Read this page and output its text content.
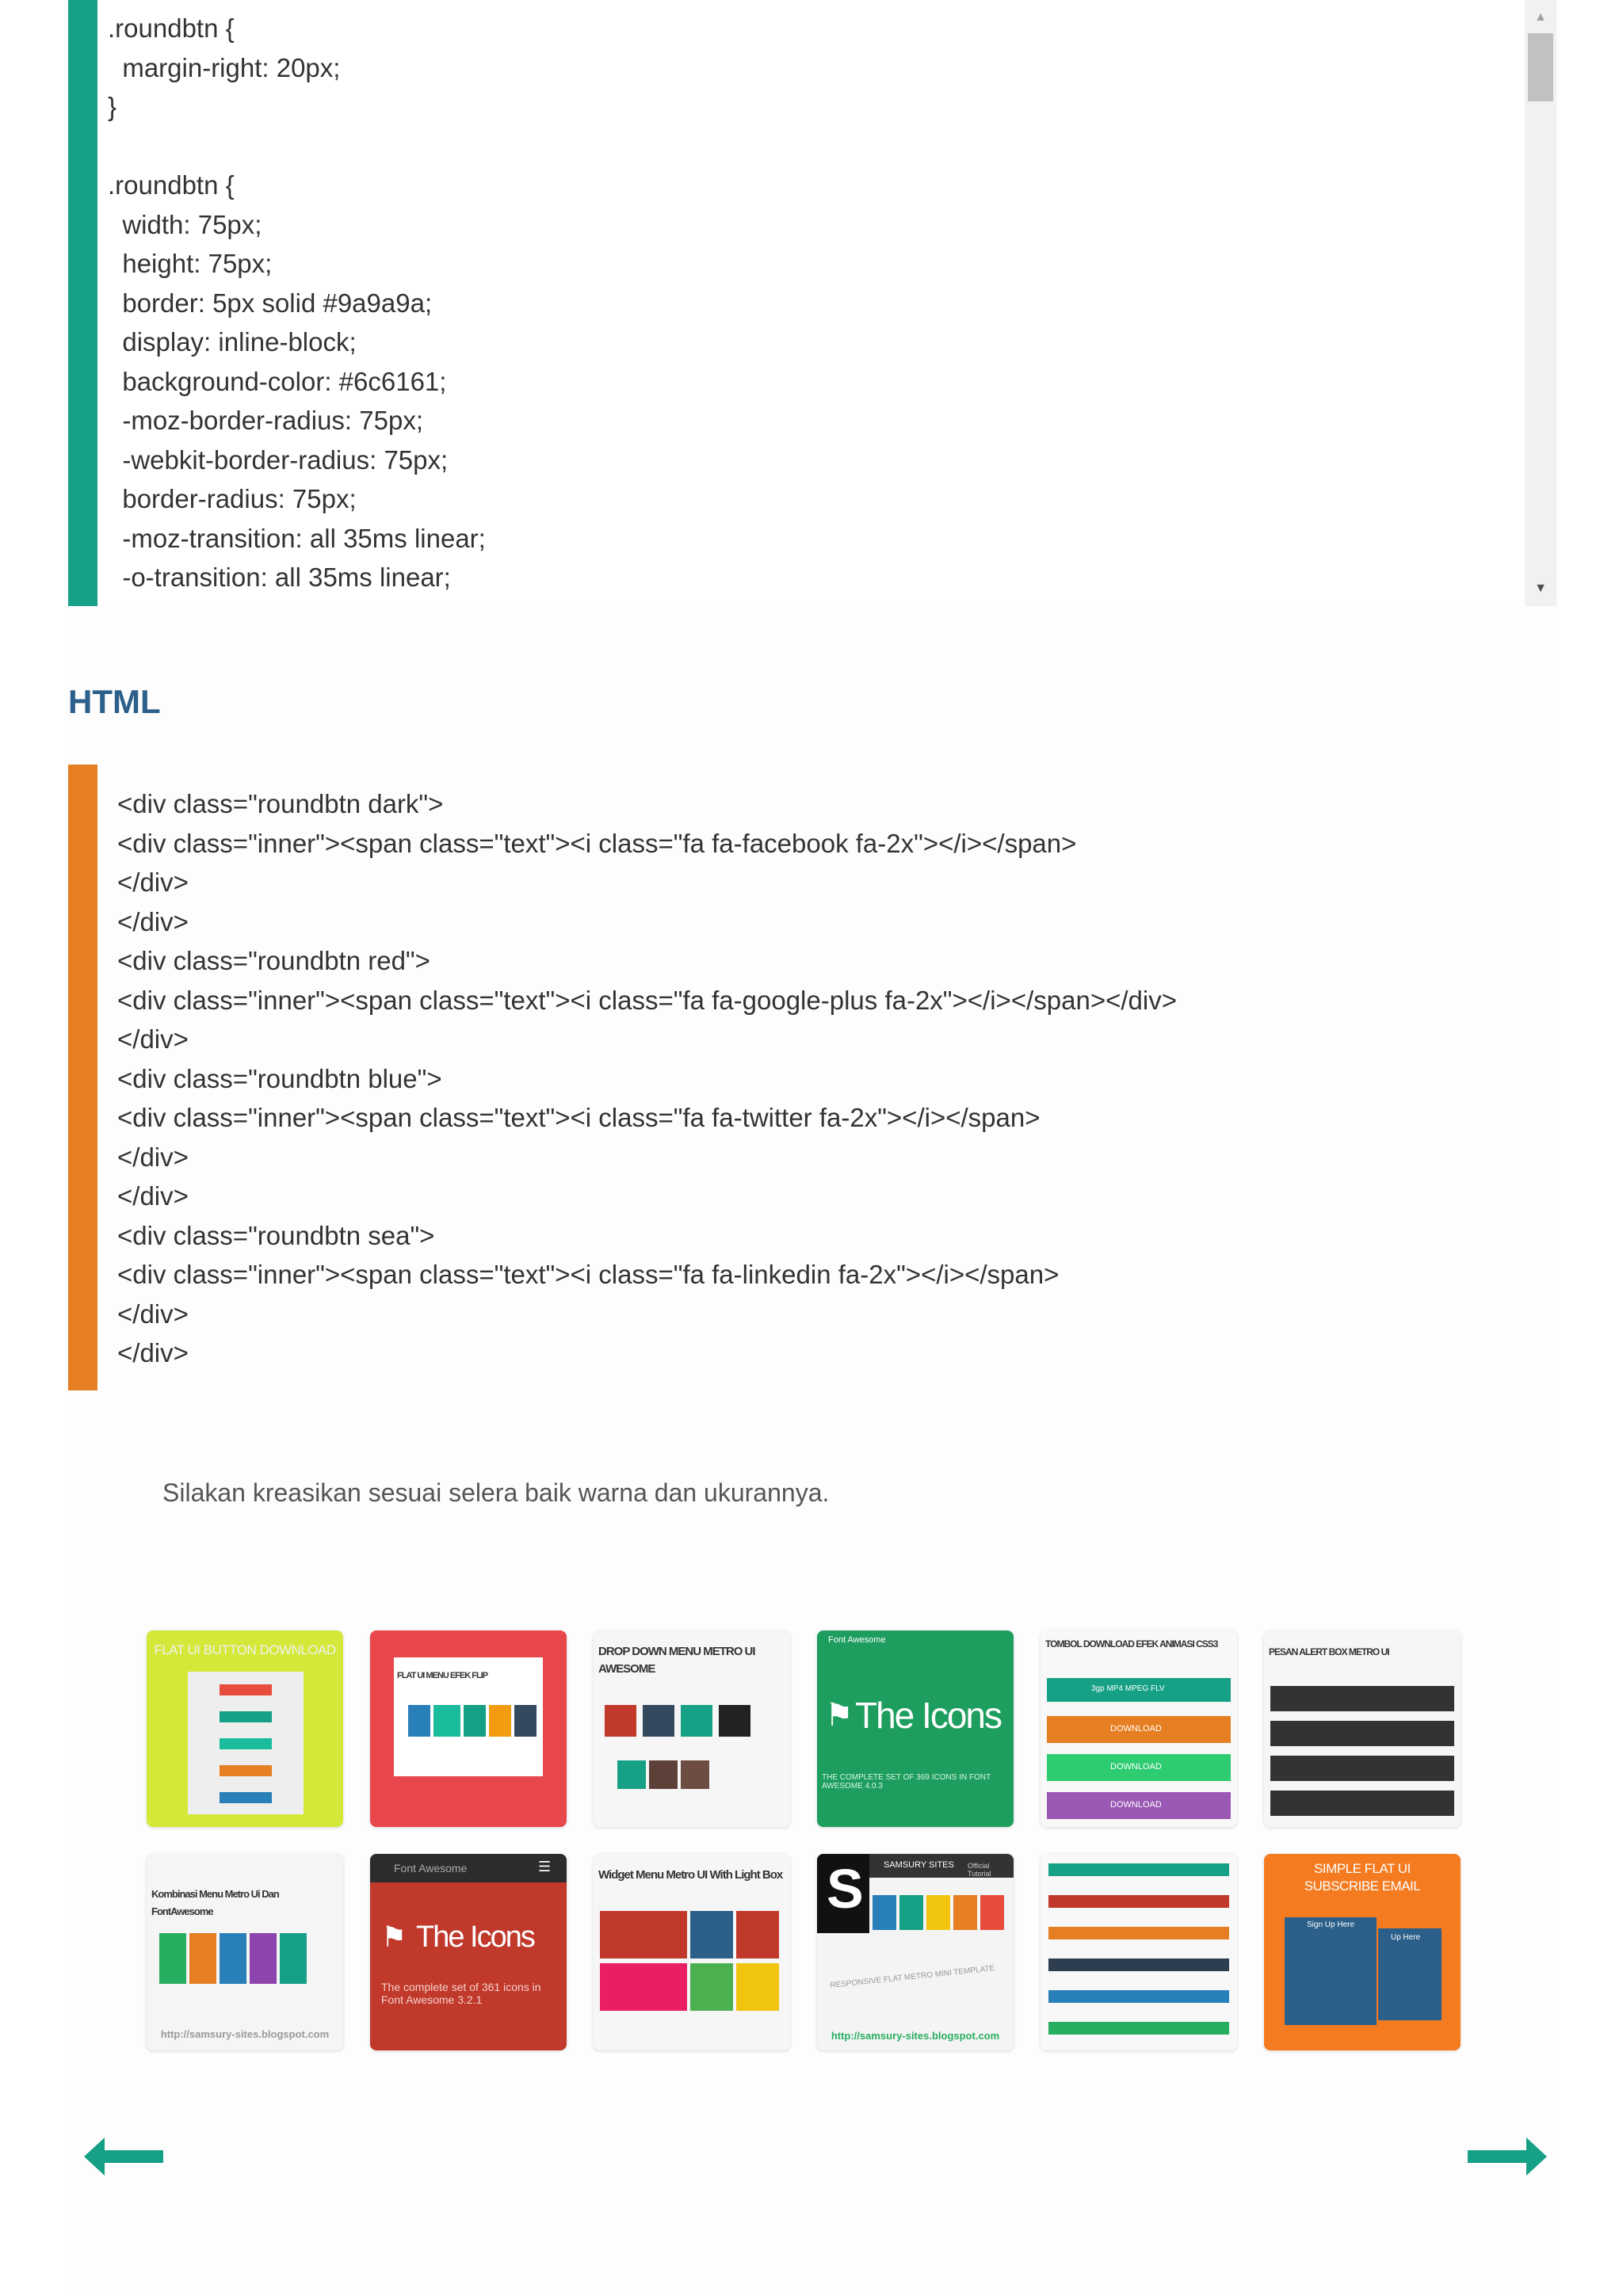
.roundbtn {
margin-right: 20px;
}
.roundbtn {
width: 75px;
height: 75px;
border: 5px solid #9a9a9a;
display: inline-block;
background-color: #6c6161;
-moz-border-radius: 75px;
-webkit-border-radius: 75px;
border-radius: 75px;
-moz-transition: all 35ms linear;
-o-transition: all 35ms linear;
▲
▼
HTML
<div class="roundbtn dark">
<div class="inner"><span class="text"><i class="fa fa-facebook fa-2x"></i></span>
</div>
</div>
<div class="roundbtn red">
<div class="inner"><span class="text"><i class="fa fa-google-plus fa-2x"></i></span></div>
</div>
<div class="roundbtn blue">
<div class="inner"><span class="text"><i class="fa fa-twitter fa-2x"></i></span>
</div>
</div>
<div class="roundbtn sea">
<div class="inner"><span class="text"><i class="fa fa-linkedin fa-2x"></i></span>
</div>
</div>

Silakan kreasikan sesuai selera baik warna dan ukurannya.

FLAT UI BUTTON DOWNLOAD
FLAT UI MENU EFEK FLIP
DROP DOWN MENU METRO UI AWESOME
Font Awesome
The Icons
⚑
THE COMPLETE SET OF 369 ICONS IN FONT AWESOME 4.0.3
TOMBOL DOWNLOAD EFEK ANIMASI CSS3
3gp MP4 MPEG FLV
DOWNLOAD
DOWNLOAD
DOWNLOAD
PESAN ALERT BOX METRO UI
Kombinasi Menu Metro Ui Dan FontAwesome
http://samsury-sites.blogspot.com
Font Awesome	☰
The Icons
⚑
The complete set of 361 icons in Font Awesome 3.2.1
Widget Menu Metro UI With Light Box S SAMSURY SITES Official Tutorial
RESPONSIVE FLAT METRO MINI TEMPLATE
http://samsury-sites.blogspot.com
SIMPLE FLAT UI SUBSCRIBE EMAIL
Sign Up Here
Up Here
